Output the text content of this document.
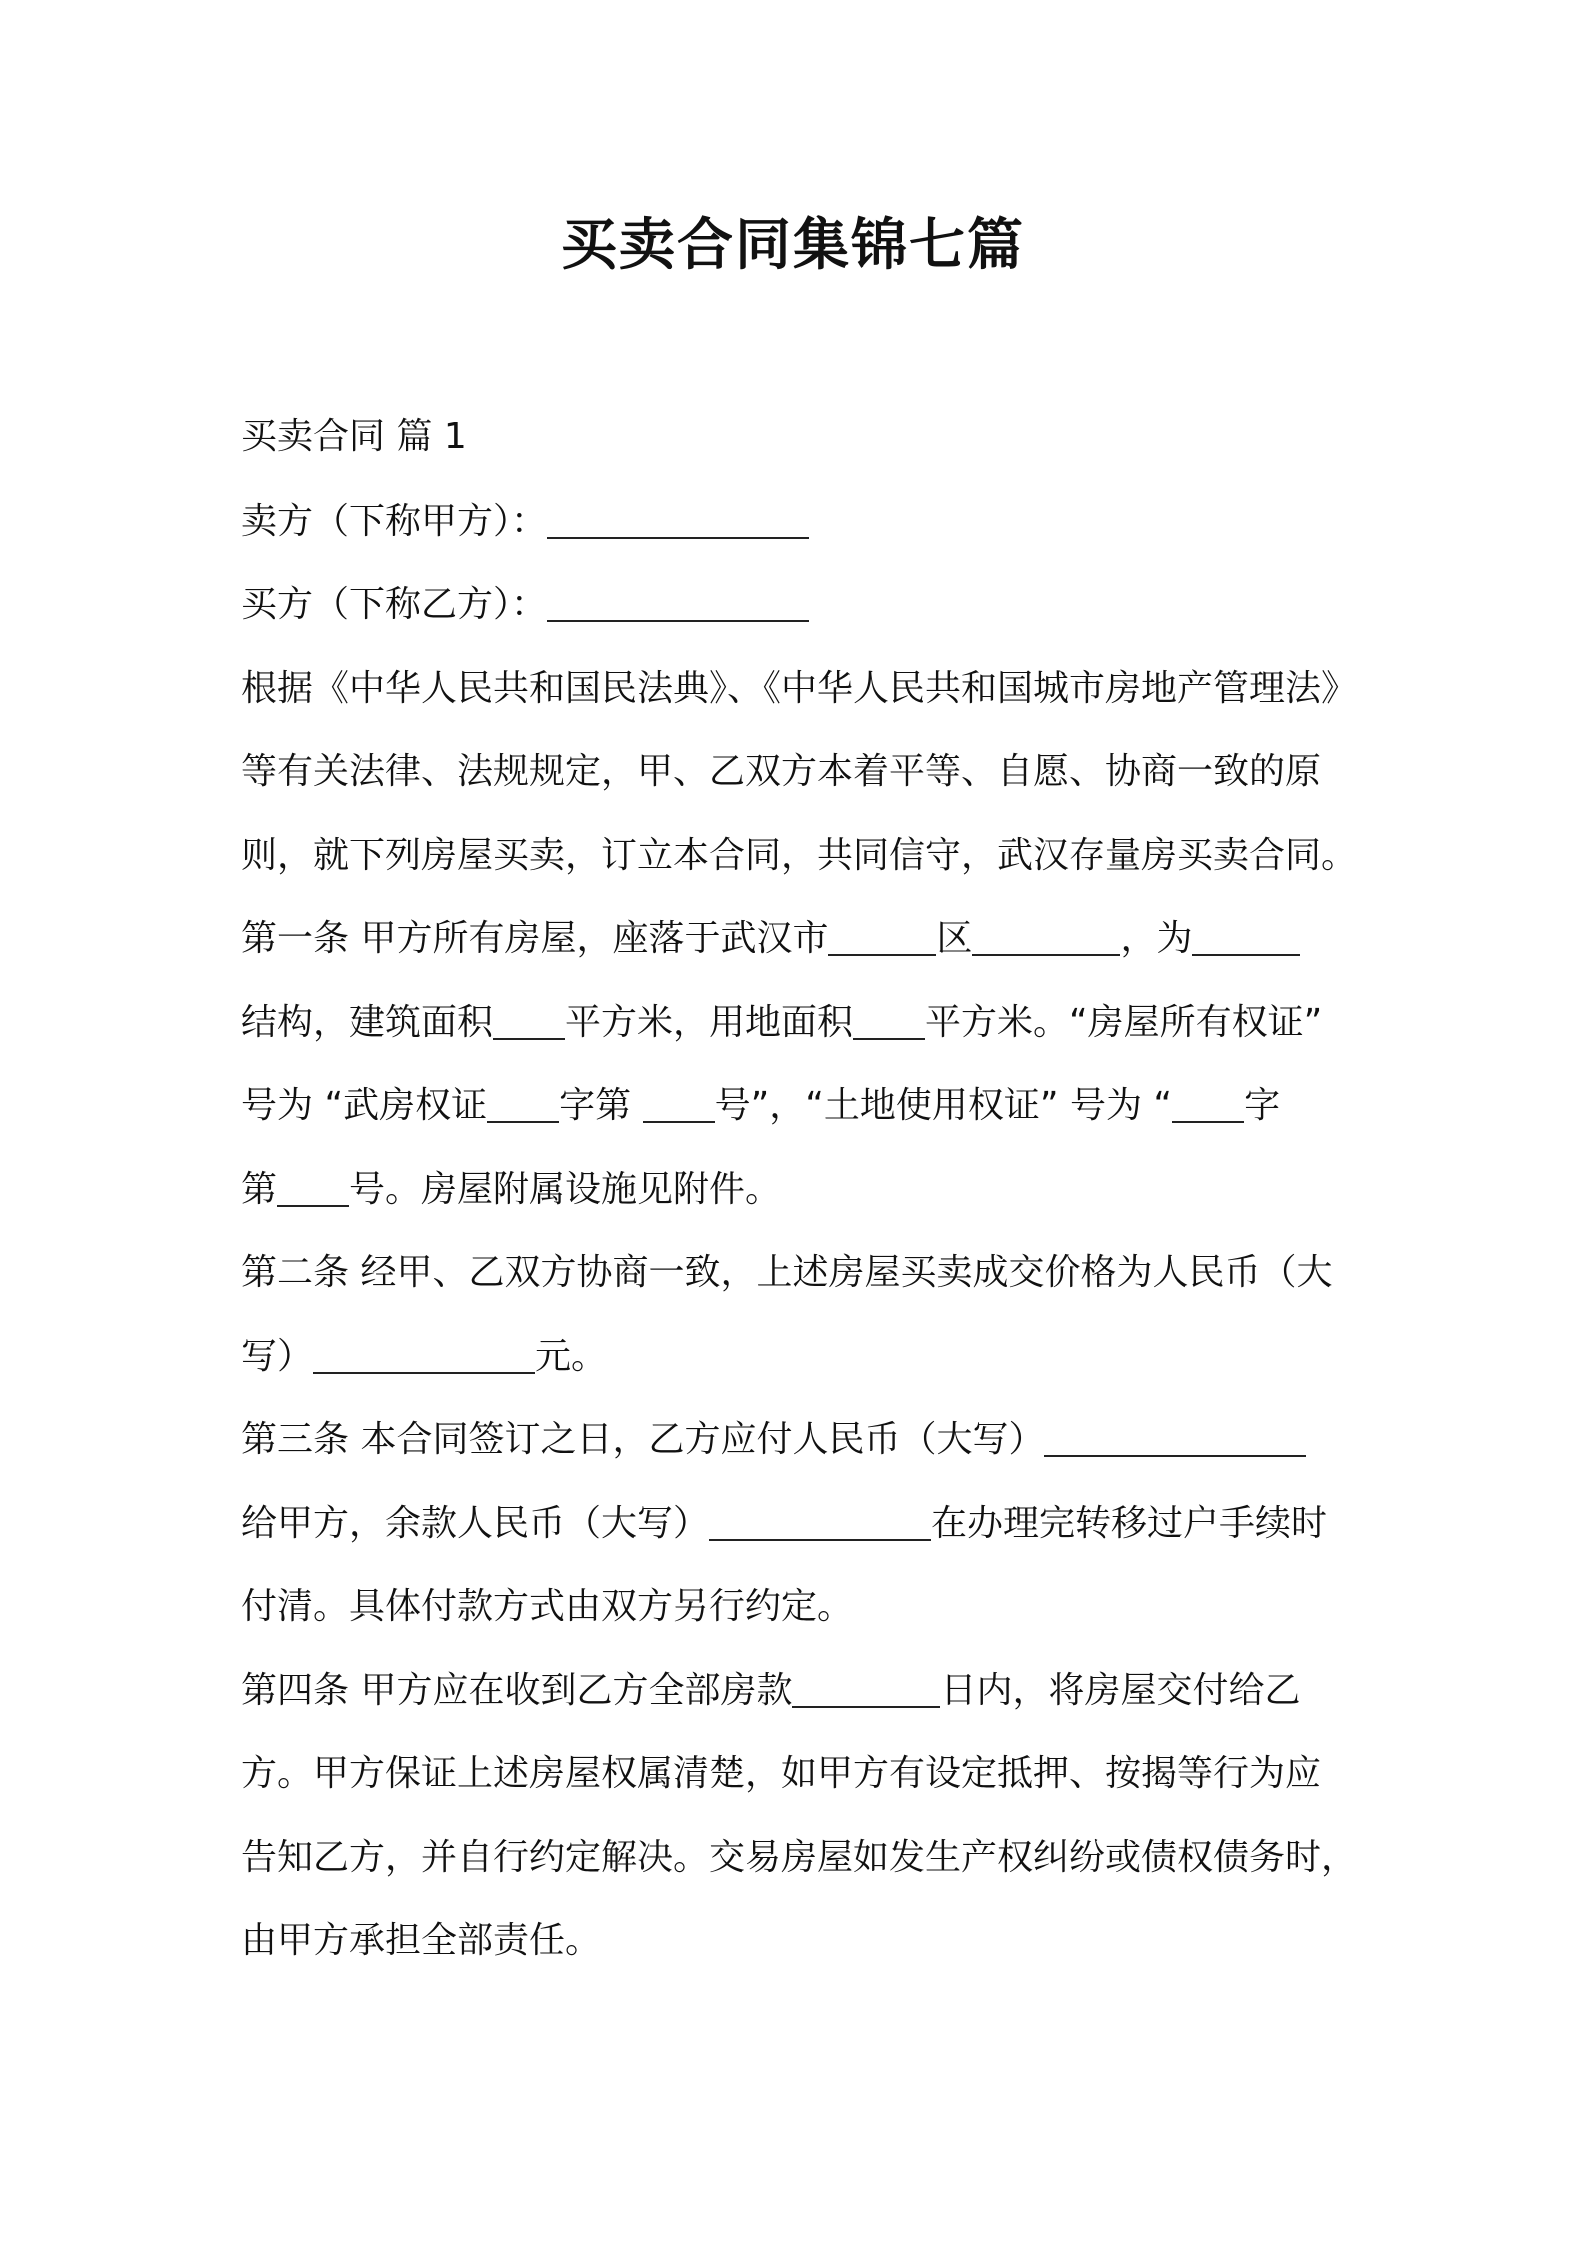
买卖合同集锦七篇
买卖合同 篇 1
卖方（下称甲方）：
买方（下称乙方）：
根据《中华人民共和国民法典》、《中华人民共和国城市房地产管理法》
等有关法律、法规规定，甲、乙双方本着平等、自愿、协商一致的原
则，就下列房屋买卖，订立本合同，共同信守，武汉存量房买卖合同。
第一条 甲方所有房屋，座落于武汉市	区	，为
结构，建筑面积 平方米，用地面积 平方米。“房屋所有权证”
号为 “武房权证 字第 号”，“土地使用权证” 号为 “ 字
第 号。房屋附属设施见附件。
第二条 经甲、乙双方协商一致，上述房屋买卖成交价格为人民币（大
写）	元。
第三条 本合同签订之日，乙方应付人民币（大写）
给甲方，余款人民币（大写）	在办理完转移过户手续时
付清。具体付款方式由双方另行约定。
第四条 甲方应在收到乙方全部房款	日内，将房屋交付给乙
方。甲方保证上述房屋权属清楚，如甲方有设定抵押、按揭等行为应
告知乙方，并自行约定解决。交易房屋如发生产权纠纷或债权债务时，
由甲方承担全部责任。
